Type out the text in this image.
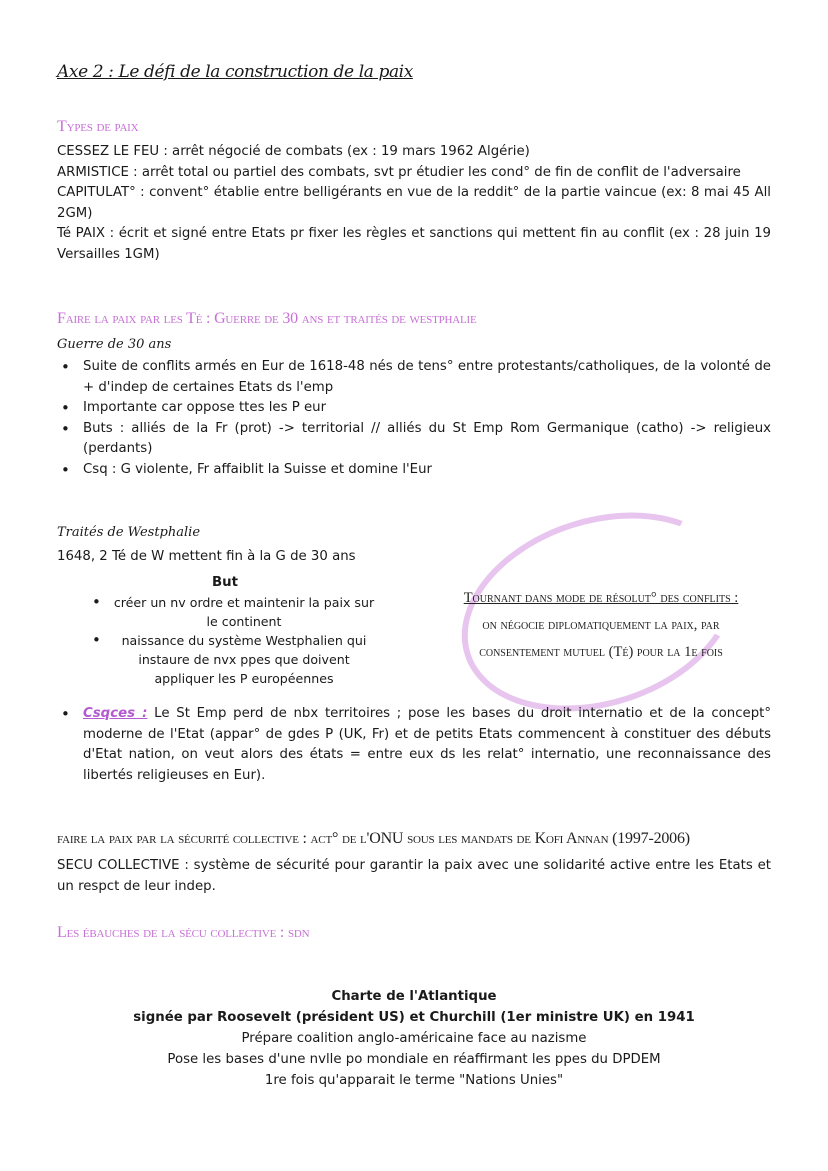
Axe 2 : Le défi de la construction de la paix
Types de paix
CESSEZ LE FEU : arrêt négocié de combats (ex : 19 mars 1962 Algérie)
ARMISTICE : arrêt total ou partiel des combats, svt pr étudier les cond° de fin de conflit de l'adversaire
CAPITULAT° : convent° établie entre belligérants en vue de la reddit° de la partie vaincue (ex: 8 mai 45 All 2GM)
Té PAIX : écrit et signé entre Etats pr fixer les règles et sanctions qui mettent fin au conflit (ex : 28 juin 19 Versailles 1GM)
Faire la paix par les Té : Guerre de 30 ans et traités de westphalie
Guerre de 30 ans
• Suite de conflits armés en Eur de 1618-48 nés de tens° entre protestants/catholiques, de la volonté de + d'indep de certaines Etats ds l'emp
• Importante car oppose ttes les P eur
• Buts : alliés de la Fr (prot) -> territorial // alliés du St Emp Rom Germanique (catho) -> religieux (perdants)
• Csq : G violente, Fr affaiblit la Suisse et domine l'Eur
Traités de Westphalie
1648, 2 Té de W mettent fin à la G de 30 ans
But
• créer un nv ordre et maintenir la paix sur le continent
• naissance du système Westphalien qui instaure de nvx ppes que doivent appliquer les P européennes
Tournant dans mode de résolut° des conflits :
on négocie diplomatiquement la paix, par
consentement mutuel (Té) pour la 1e fois
• Csqces : Le St Emp perd de nbx territoires ; pose les bases du droit internatio et de la concept° moderne de l'Etat (appar° de gdes P (UK, Fr) et de petits Etats commencent à constituer des débuts d'Etat nation, on veut alors des états = entre eux ds les relat° internatio, une reconnaissance des libertés religieuses en Eur).
faire la paix par la sécurité collective : act° de l'ONU sous les mandats de Kofi Annan (1997-2006)
SECU COLLECTIVE : système de sécurité pour garantir la paix avec une solidarité active entre les Etats et un respct de leur indep.
Les ébauches de la sécu collective : sdn
Charte de l'Atlantique
signée par Roosevelt (président US) et Churchill (1er ministre UK) en 1941
Prépare coalition anglo-américaine face au nazisme
Pose les bases d'une nvlle po mondiale en réaffirmant les ppes du DPDEM
1re fois qu'apparait le terme "Nations Unies"
